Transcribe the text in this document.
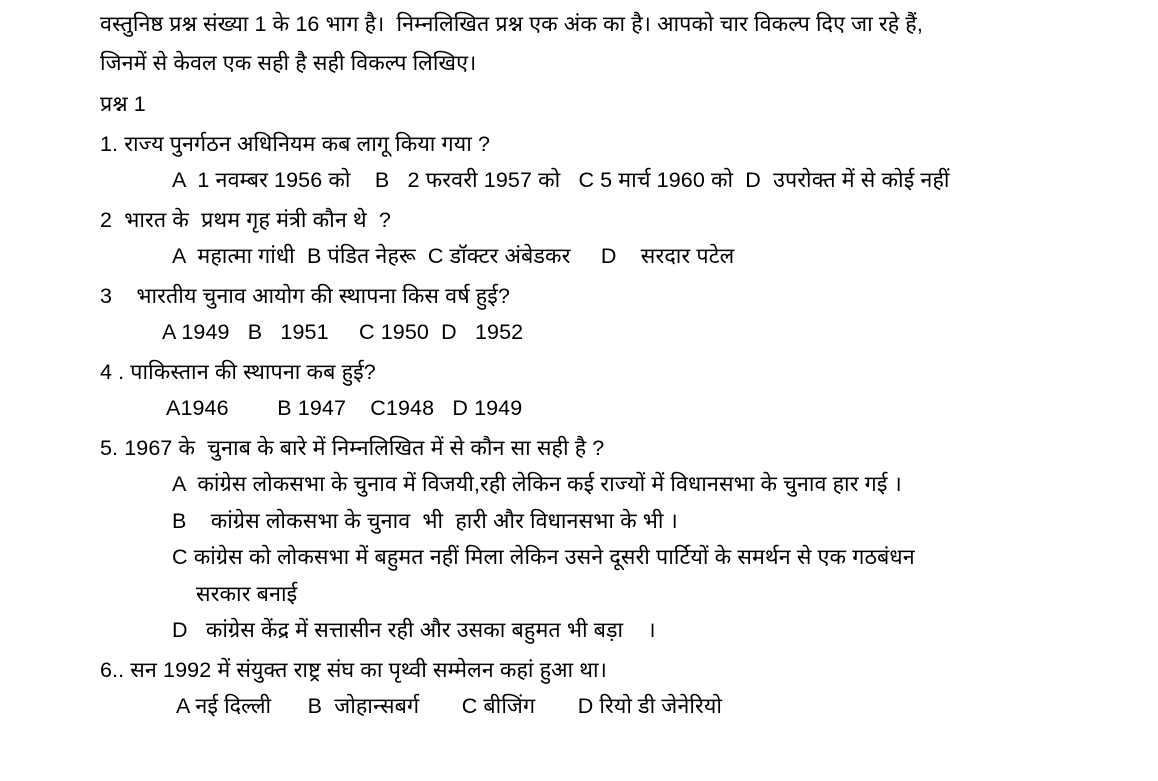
वस्तुनिष्ठ प्रश्न संख्या 1 के 16 भाग है।  निम्नलिखित प्रश्न एक अंक का है। आपको चार विकल्प दिए जा रहे हैं,
जिनमें से केवल एक सही है सही विकल्प लिखिए।
प्रश्न 1
1. राज्य पुनर्गठन अधिनियम कब लागू किया गया ?
A  1 नवम्बर 1956 को    B   2 फरवरी 1957 को   C 5 मार्च 1960 को  D  उपरोक्त में से कोई नहीं
2  भारत के  प्रथम गृह मंत्री कौन थे  ?
A  महात्मा गांधी  B पंडित नेहरू  C डॉक्टर अंबेडकर     D    सरदार पटेल
3    भारतीय चुनाव आयोग की स्थापना किस वर्ष हुई?
A 1949   B   1951     C 1950  D   1952
4 . पाकिस्तान की स्थापना कब हुई?
A1946        B 1947    C1948   D 1949
5. 1967 के  चुनाब के बारे में निम्नलिखित में से कौन सा सही है ?
A  कांग्रेस लोकसभा के चुनाव में विजयी,रही लेकिन कई राज्यों में विधानसभा के चुनाव हार गई ।
B    कांग्रेस लोकसभा के चुनाव  भी  हारी और विधानसभा के भी ।
C कांग्रेस को लोकसभा में बहुमत नहीं मिला लेकिन उसने दूसरी पार्टियों के समर्थन से एक गठबंधन
सरकार बनाई
D   कांग्रेस केंद्र में सत्तासीन रही और उसका बहुमत भी बड़ा    ।
6.. सन 1992 में संयुक्त राष्ट्र संघ का पृथ्वी सम्मेलन कहां हुआ था।
A नई दिल्ली      B  जोहान्सबर्ग       C बीजिंग       D रियो डी जेनेरियो
